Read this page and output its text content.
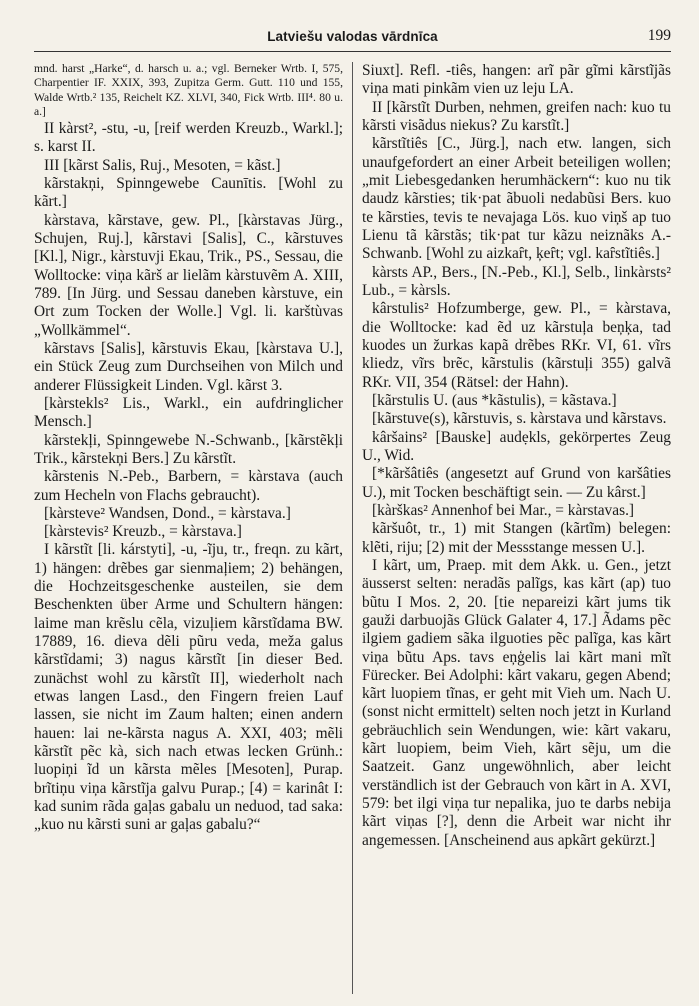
Latviešu valodas vārdnīca	199

mnd. harst „Harke“, d. harsch u. a.; vgl. Berneker Wrtb. I, 575, Charpentier IF. XXIX, 393, Zupitza Germ. Gutt. 110 und 155, Walde Wrtb.² 135, Reichelt KZ. XLVI, 340, Fick Wrtb. III⁴. 80 u. a.]

II kàrst², -stu, -u, [reif werden Kreuzb., Warkl.]; s. karst II.

III [kãrst Salis, Ruj., Mesoten, = kãst.]

kãrstakņi, Spinngewebe Caunītis. [Wohl zu kãrt.]

kàrstava, kãrstave, gew. Pl., [kàrstavas Jürg., Schujen, Ruj.], kãrstavi [Salis], C., kãrstuves [Kl.], Nigr., kàrstuvji Ekau, Trik., PS., Sessau, die Wolltocke: viņa kãrš ar lielãm kàrstuvẽm A. XIII, 789. [In Jürg. und Sessau daneben kàrstuve, ein Ort zum Tocken der Wolle.] Vgl. li. karštùvas „Wollkämmel“.

kãrstavs [Salis], kãrstuvis Ekau, [kàrstava U.], ein Stück Zeug zum Durchseihen von Milch und anderer Flüssigkeit Linden. Vgl. kãrst 3.

[kàrstekls² Lis., Warkl., ein aufdringlicher Mensch.]

kãrstekļi, Spinngewebe N.-Schwanb., [kãrstẽkļi Trik., kãrstekņi Bers.] Zu kãrstĩt.

kãrstenis N.-Peb., Barbern, = kàrstava (auch zum Hecheln von Flachs gebraucht).

[kàrsteve² Wandsen, Dond., = kàrstava.]

[kàrstevis² Kreuzb., = kàrstava.]

I kãrstĩt [li. kárstyti], -u, -ĩju, tr., freqn. zu kãrt, 1) hängen: drẽbes gar sienmaļiem; 2) behängen, die Hochzeitsgeschenke austeilen, sie dem Beschenkten über Arme und Schultern hängen: laime man krẽslu cẽla, vizuļiem kãrstĩdama BW. 17889, 16. dieva dẽli pũru veda, meža galus kãrstĩdami; 3) nagus kãrstĩt [in dieser Bed. zunächst wohl zu kãrstĩt II], wiederholt nach etwas langen Lasd., den Fingern freien Lauf lassen, sie nicht im Zaum halten; einen andern hauen: lai ne-kãrsta nagus A. XXI, 403; mẽli kãrstĩt pẽc kà, sich nach etwas lecken Grünh.: luopiņi ĩd un kãrsta mẽles [Mesoten], Purap. brĩtiņu viņa kãrstĩja galvu Purap.; [4) = karinât I: kad sunim rãda gaļas gabalu un neduod, tad saka: „kuo nu kãrsti suni ar gaļas gabalu?“

Siuxt]. Refl. -tiês, hangen: arĩ pãr gĩmi kãrstĩjãs viņa mati pinkãm vien uz leju LA.

II [kãrstĩt Durben, nehmen, greifen nach: kuo tu kãrsti visãdus niekus? Zu karstĩt.]

kãrstĩtiês [C., Jürg.], nach etw. langen, sich unaufgefordert an einer Arbeit beteiligen wollen; „mit Liebesgedanken herumhäckern“: kuo nu tik daudz kãrsties; tik·pat ãbuoli nedabũsi Bers. kuo te kãrsties, tevis te nevajaga Lös. kuo viņš ap tuo Lienu tã kãrstãs; tik·pat tur kãzu neiznãks A.-Schwanb. [Wohl zu aizkaȓt, ķeȓt; vgl. kaȓstĩtiês.]

kàrsts AP., Bers., [N.-Peb., Kl.], Selb., linkàrsts² Lub., = kàrsls.

kârstulis² Hofzumberge, gew. Pl., = kàrstava, die Wolltocke: kad ẽd uz kãrstuļa beņķa, tad kuodes un žurkas kapã drẽbes RKr. VI, 61. vĩrs kliedz, vĩrs brẽc, kãrstulis (kãrstuļi 355) galvã RKr. VII, 354 (Rätsel: der Hahn).

[kãrstulis U. (aus *kãstulis), = kãstava.]

[kãrstuve(s), kãrstuvis, s. kàrstava und kãrstavs.

kâršains² [Bauske] audẹkls, gekörpertes Zeug U., Wid.

[*kãršâtiês (angesetzt auf Grund von karšâties U.), mit Tocken beschäftigt sein. — Zu kârst.]

[kàrškas² Annenhof bei Mar., = kàrstavas.]

kãršuôt, tr., 1) mit Stangen (kãrtĩm) belegen: klẽti, riju; [2) mit der Messstange messen U.].

I kãrt, um, Praep. mit dem Akk. u. Gen., jetzt äusserst selten: neradãs palĩgs, kas kãrt (ap) tuo bũtu I Mos. 2, 20. [tie nepareizi kãrt jums tik gauži darbuojãs Glück Galater 4, 17.] Ãdams pẽc ilgiem gadiem sãka ilguoties pẽc palĩga, kas kãrt viņa bũtu Aps. tavs eņģelis lai kãrt mani mĩt Fürecker. Bei Adolphi: kãrt vakaru, gegen Abend; kãrt luopiem tĩnas, er geht mit Vieh um. Nach U. (sonst nicht ermittelt) selten noch jetzt in Kurland gebräuchlich sein Wendungen, wie: kãrt vakaru, kãrt luopiem, beim Vieh, kãrt sẽju, um die Saatzeit. Ganz ungewöhnlich, aber leicht verständlich ist der Gebrauch von kãrt in A. XVI, 579: bet ilgi viņa tur nepalika, juo te darbs nebija kãrt viņas [?], denn die Arbeit war nicht ihr angemessen. [Anscheinend aus apkãrt gekürzt.]
